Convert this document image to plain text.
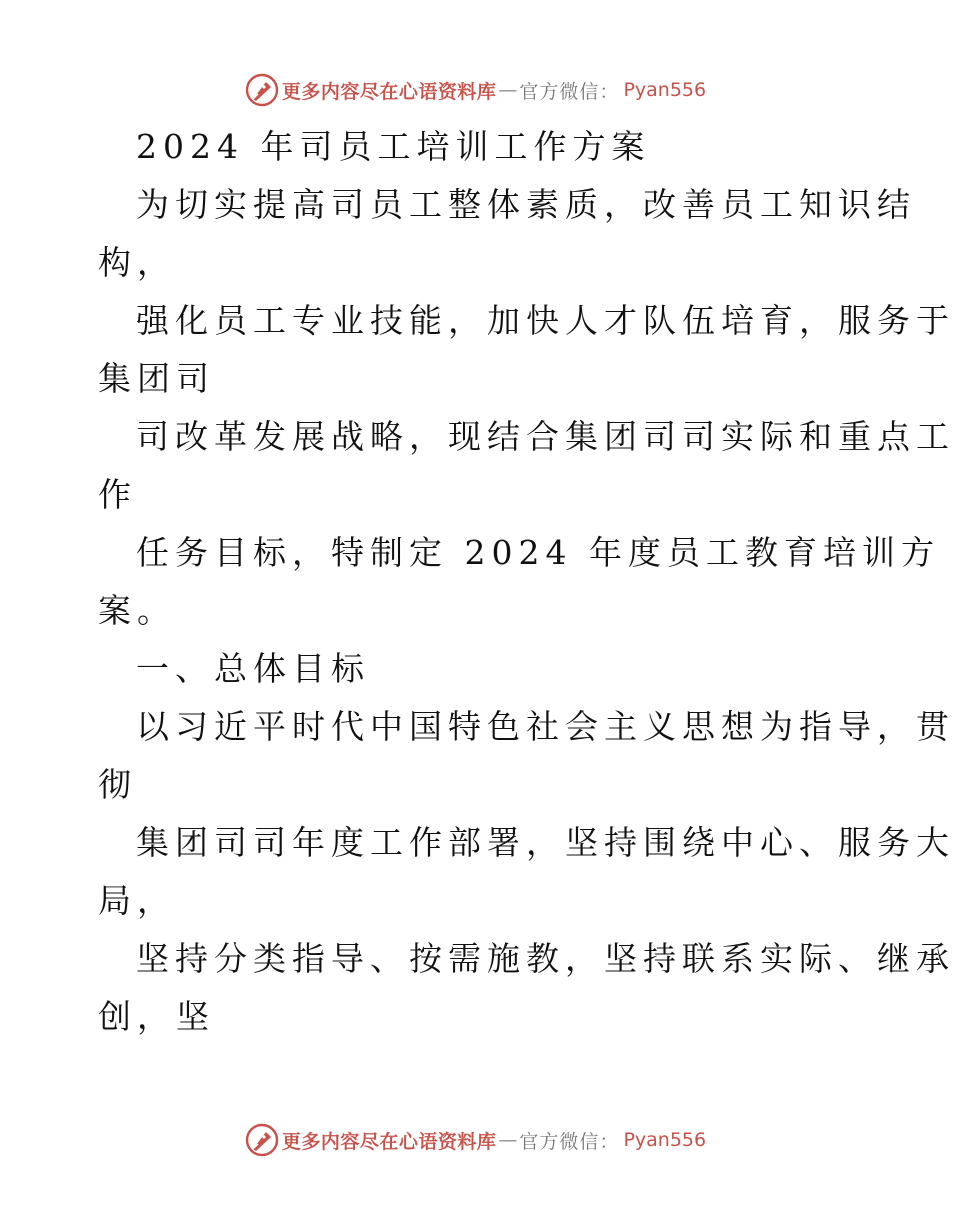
更多内容尽在心语资料库 — 官方微信： Pyan556
2024 年司员工培训工作方案
为切实提高司员工整体素质，改善员工知识结
构，
强化员工专业技能，加快人才队伍培育，服务于
集团司
司改革发展战略，现结合集团司司实际和重点工
作
任务目标，特制定 2024 年度员工教育培训方
案。
一、总体目标
以习近平时代中国特色社会主义思想为指导，贯
彻
集团司司年度工作部署，坚持围绕中心、服务大
局，
坚持分类指导、按需施教，坚持联系实际、继承
创，坚
更多内容尽在心语资料库 — 官方微信： Pyan556
